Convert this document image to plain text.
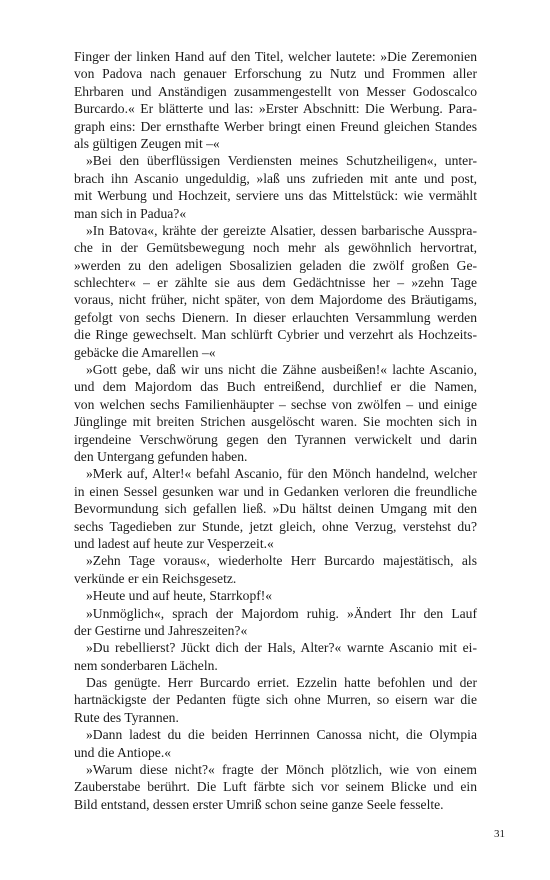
Finger der linken Hand auf den Titel, welcher lautete: »Die Zeremonien
von Padova nach genauer Erforschung zu Nutz und Frommen aller
Ehrbaren und Anständigen zusammengestellt von Messer Godoscalco
Burcardo.« Er blätterte und las: »Erster Abschnitt: Die Werbung. Para-
graph eins: Der ernsthafte Werber bringt einen Freund gleichen Standes
als gültigen Zeugen mit –«
»Bei den überflüssigen Verdiensten meines Schutzheiligen«, unter-
brach ihn Ascanio ungeduldig, »laß uns zufrieden mit ante und post,
mit Werbung und Hochzeit, serviere uns das Mittelstück: wie vermählt
man sich in Padua?«
»In Batova«, krähte der gereizte Alsatier, dessen barbarische Ausspra-
che in der Gemütsbewegung noch mehr als gewöhnlich hervortrat,
»werden zu den adeligen Sbosalizien geladen die zwölf großen Ge-
schlechter« – er zählte sie aus dem Gedächtnisse her – »zehn Tage
voraus, nicht früher, nicht später, von dem Majordome des Bräutigams,
gefolgt von sechs Dienern. In dieser erlauchten Versammlung werden
die Ringe gewechselt. Man schlürft Cybrier und verzehrt als Hochzeits-
gebäcke die Amarellen –«
»Gott gebe, daß wir uns nicht die Zähne ausbeißen!« lachte Ascanio,
und dem Majordom das Buch entreißend, durchlief er die Namen,
von welchen sechs Familienhäupter – sechse von zwölfen – und einige
Jünglinge mit breiten Strichen ausgelöscht waren. Sie mochten sich in
irgendeine Verschwörung gegen den Tyrannen verwickelt und darin
den Untergang gefunden haben.
»Merk auf, Alter!« befahl Ascanio, für den Mönch handelnd, welcher
in einen Sessel gesunken war und in Gedanken verloren die freundliche
Bevormundung sich gefallen ließ. »Du hältst deinen Umgang mit den
sechs Tagedieben zur Stunde, jetzt gleich, ohne Verzug, verstehst du?
und ladest auf heute zur Vesperzeit.«
»Zehn Tage voraus«, wiederholte Herr Burcardo majestätisch, als
verkünde er ein Reichsgesetz.
»Heute und auf heute, Starrkopf!«
»Unmöglich«, sprach der Majordom ruhig. »Ändert Ihr den Lauf
der Gestirne und Jahreszeiten?«
»Du rebellierst? Jückt dich der Hals, Alter?« warnte Ascanio mit ei-
nem sonderbaren Lächeln.
Das genügte. Herr Burcardo erriet. Ezzelin hatte befohlen und der
hartnäckigste der Pedanten fügte sich ohne Murren, so eisern war die
Rute des Tyrannen.
»Dann ladest du die beiden Herrinnen Canossa nicht, die Olympia
und die Antiope.«
»Warum diese nicht?« fragte der Mönch plötzlich, wie von einem
Zauberstabe berührt. Die Luft färbte sich vor seinem Blicke und ein
Bild entstand, dessen erster Umriß schon seine ganze Seele fesselte.
31
